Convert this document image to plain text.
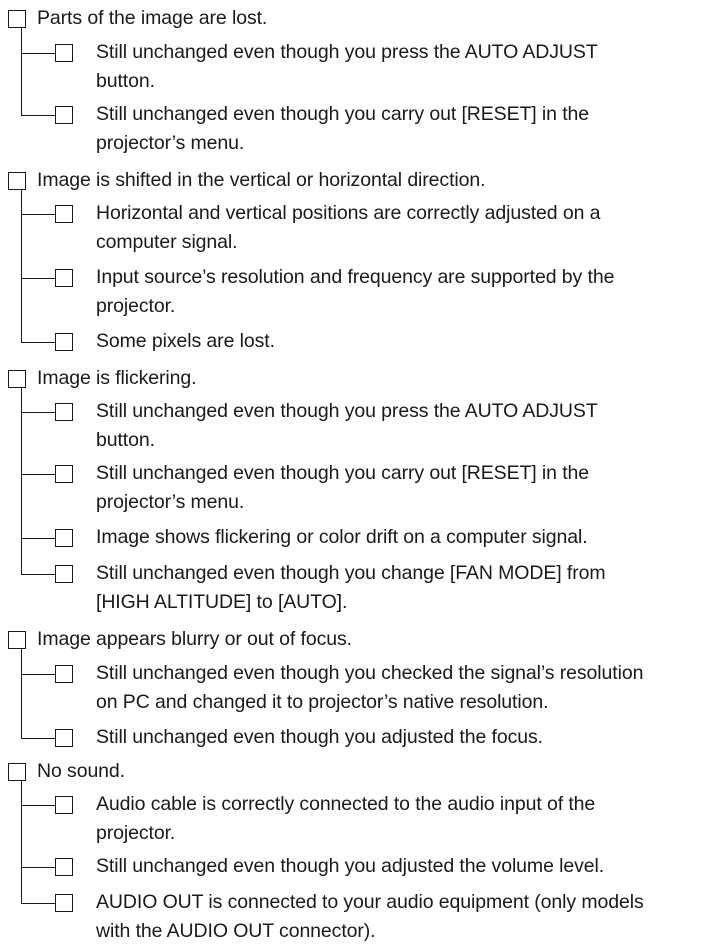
Parts of the image are lost.
Still unchanged even though you press the AUTO ADJUST
button.
Still unchanged even though you carry out [RESET] in the
projector’s menu.
Image is shifted in the vertical or horizontal direction.
Horizontal and vertical positions are correctly adjusted on a
computer signal.
Input source’s resolution and frequency are supported by the
projector.
Some pixels are lost.
Image is flickering.
Still unchanged even though you press the AUTO ADJUST
button.
Still unchanged even though you carry out [RESET] in the
projector’s menu.
Image shows flickering or color drift on a computer signal.
Still unchanged even though you change [FAN MODE] from
[HIGH ALTITUDE] to [AUTO].
Image appears blurry or out of focus.
Still unchanged even though you checked the signal’s resolution
on PC and changed it to projector’s native resolution.
Still unchanged even though you adjusted the focus.
No sound.
Audio cable is correctly connected to the audio input of the
projector.
Still unchanged even though you adjusted the volume level.
AUDIO OUT is connected to your audio equipment (only models
with the AUDIO OUT connector).
